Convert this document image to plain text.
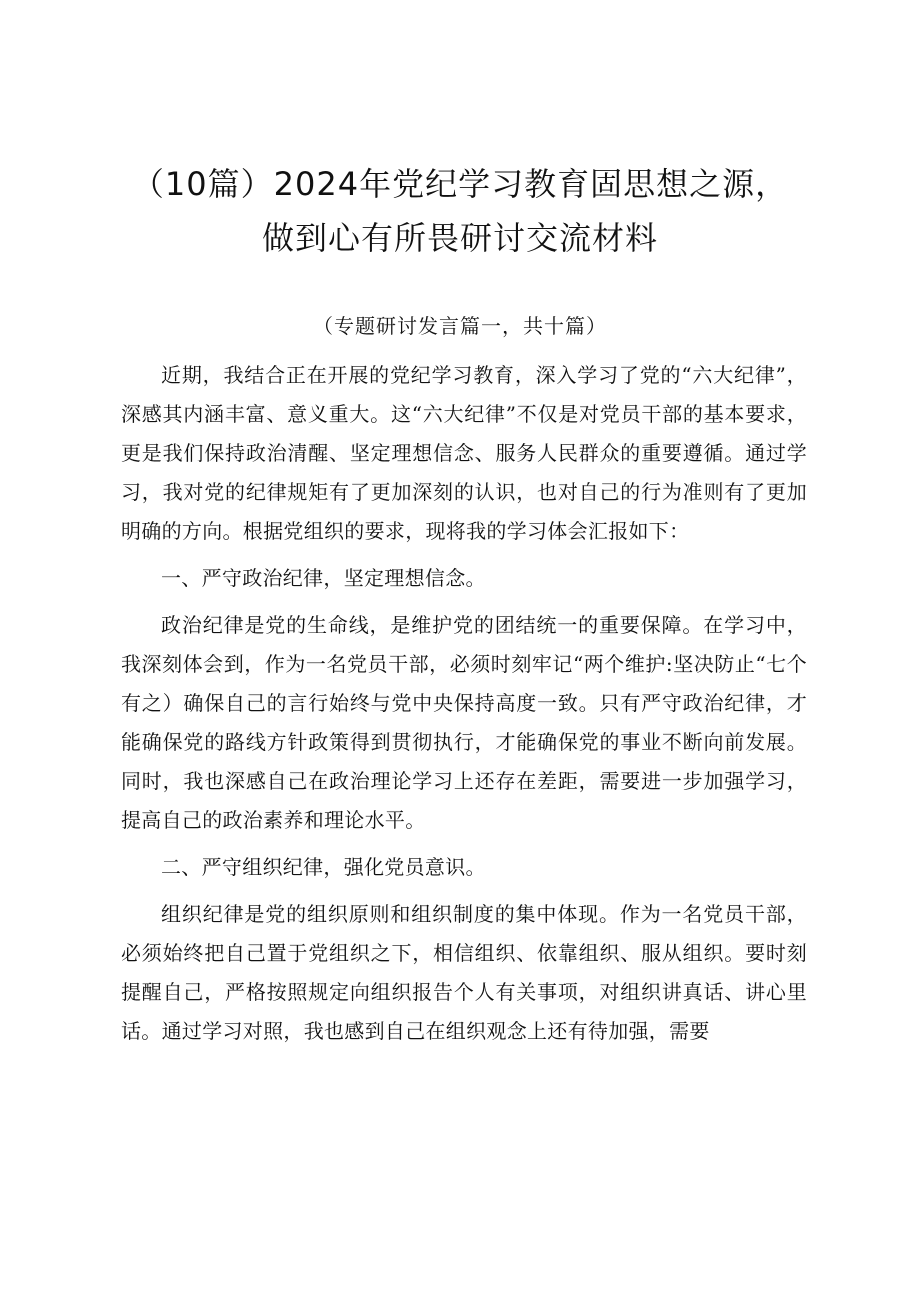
（10篇）2024年党纪学习教育固思想之源，
做到心有所畏研讨交流材料
（专题研讨发言篇一，共十篇）

近期，我结合正在开展的党纪学习教育，深入学习了党的“六大纪律”，深感其内涵丰富、意义重大。这“六大纪律”不仅是对党员干部的基本要求，更是我们保持政治清醒、坚定理想信念、服务人民群众的重要遵循。通过学习，我对党的纪律规矩有了更加深刻的认识，也对自己的行为准则有了更加明确的方向。根据党组织的要求，现将我的学习体会汇报如下：

一、严守政治纪律，坚定理想信念。

政治纪律是党的生命线，是维护党的团结统一的重要保障。在学习中，我深刻体会到，作为一名党员干部，必须时刻牢记“两个维护:坚决防止“七个有之）确保自己的言行始终与党中央保持高度一致。只有严守政治纪律，才能确保党的路线方针政策得到贯彻执行，才能确保党的事业不断向前发展。同时，我也深感自己在政治理论学习上还存在差距，需要进一步加强学习，提高自己的政治素养和理论水平。

二、严守组织纪律，强化党员意识。

组织纪律是党的组织原则和组织制度的集中体现。作为一名党员干部，必须始终把自己置于党组织之下，相信组织、依靠组织、服从组织。要时刻提醒自己，严格按照规定向组织报告个人有关事项，对组织讲真话、讲心里话。通过学习对照，我也感到自己在组织观念上还有待加强，需要
